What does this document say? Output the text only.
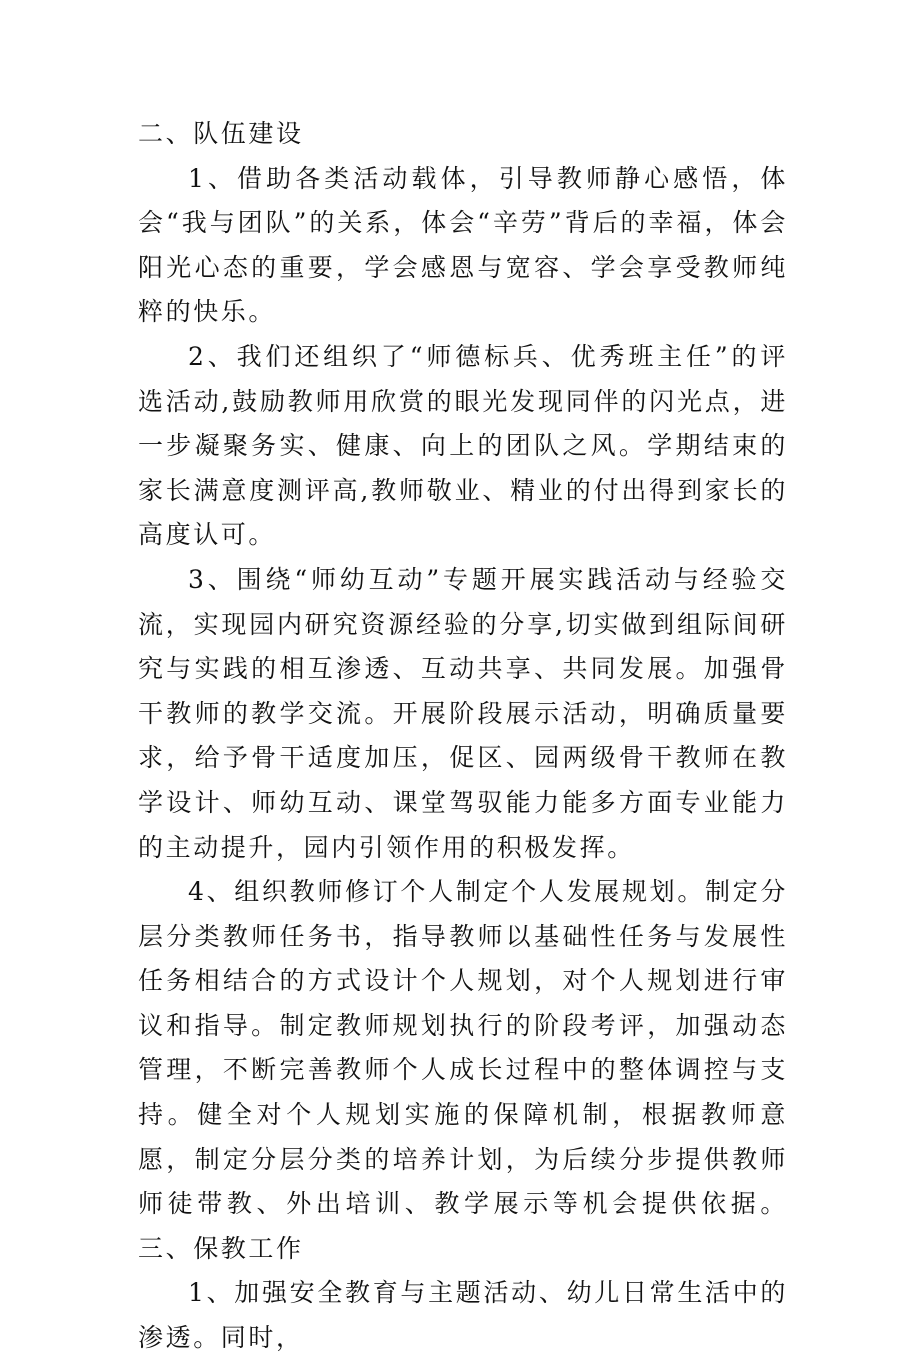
二、队伍建设

1、借助各类活动载体，引导教师静心感悟，体会“我与团队”的关系，体会“辛劳”背后的幸福，体会阳光心态的重要，学会感恩与宽容、学会享受教师纯粹的快乐。

2、我们还组织了“师德标兵、优秀班主任”的评选活动,鼓励教师用欣赏的眼光发现同伴的闪光点，进一步凝聚务实、健康、向上的团队之风。学期结束的家长满意度测评高,教师敬业、精业的付出得到家长的高度认可。

3、围绕“师幼互动”专题开展实践活动与经验交流，实现园内研究资源经验的分享,切实做到组际间研究与实践的相互渗透、互动共享、共同发展。加强骨干教师的教学交流。开展阶段展示活动，明确质量要求，给予骨干适度加压，促区、园两级骨干教师在教学设计、师幼互动、课堂驾驭能力能多方面专业能力的主动提升，园内引领作用的积极发挥。

4、组织教师修订个人制定个人发展规划。制定分层分类教师任务书，指导教师以基础性任务与发展性任务相结合的方式设计个人规划，对个人规划进行审议和指导。制定教师规划执行的阶段考评，加强动态管理，不断完善教师个人成长过程中的整体调控与支持。健全对个人规划实施的保障机制，根据教师意愿，制定分层分类的培养计划，为后续分步提供教师师徒带教、外出培训、教学展示等机会提供依据。三、保教工作

1、加强安全教育与主题活动、幼儿日常生活中的渗透。同时，
